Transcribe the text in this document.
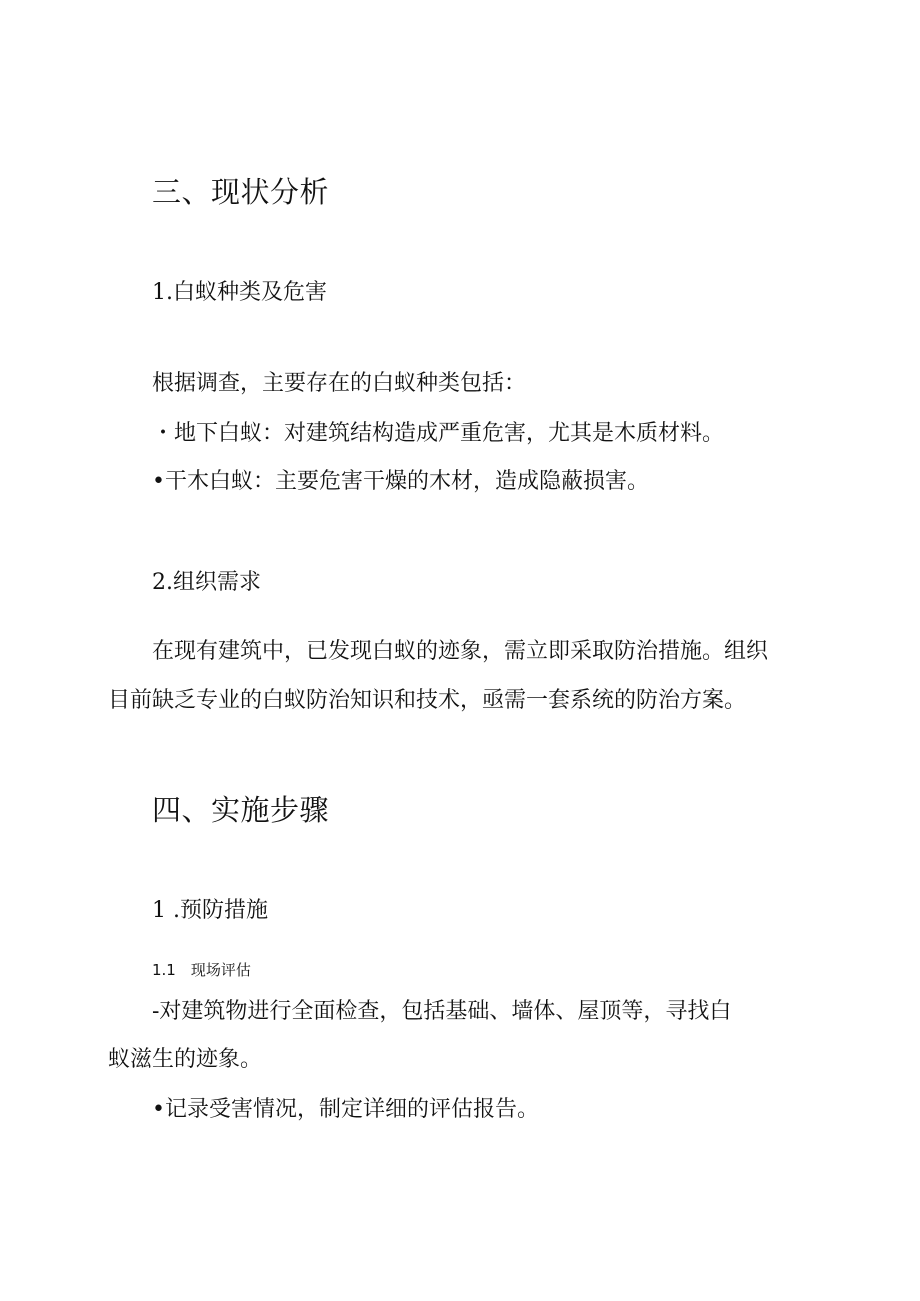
三、现状分析
1.白蚁种类及危害
根据调查，主要存在的白蚁种类包括：
・地下白蚁：对建筑结构造成严重危害，尤其是木质材料。
•干木白蚁：主要危害干燥的木材，造成隐蔽损害。
2.组织需求
在现有建筑中，已发现白蚁的迹象，需立即采取防治措施。组织
目前缺乏专业的白蚁防治知识和技术，亟需一套系统的防治方案。
四、实施步骤
1 .预防措施
1.1　现场评估
-对建筑物进行全面检查，包括基础、墙体、屋顶等，寻找白
蚁滋生的迹象。
•记录受害情况，制定详细的评估报告。
